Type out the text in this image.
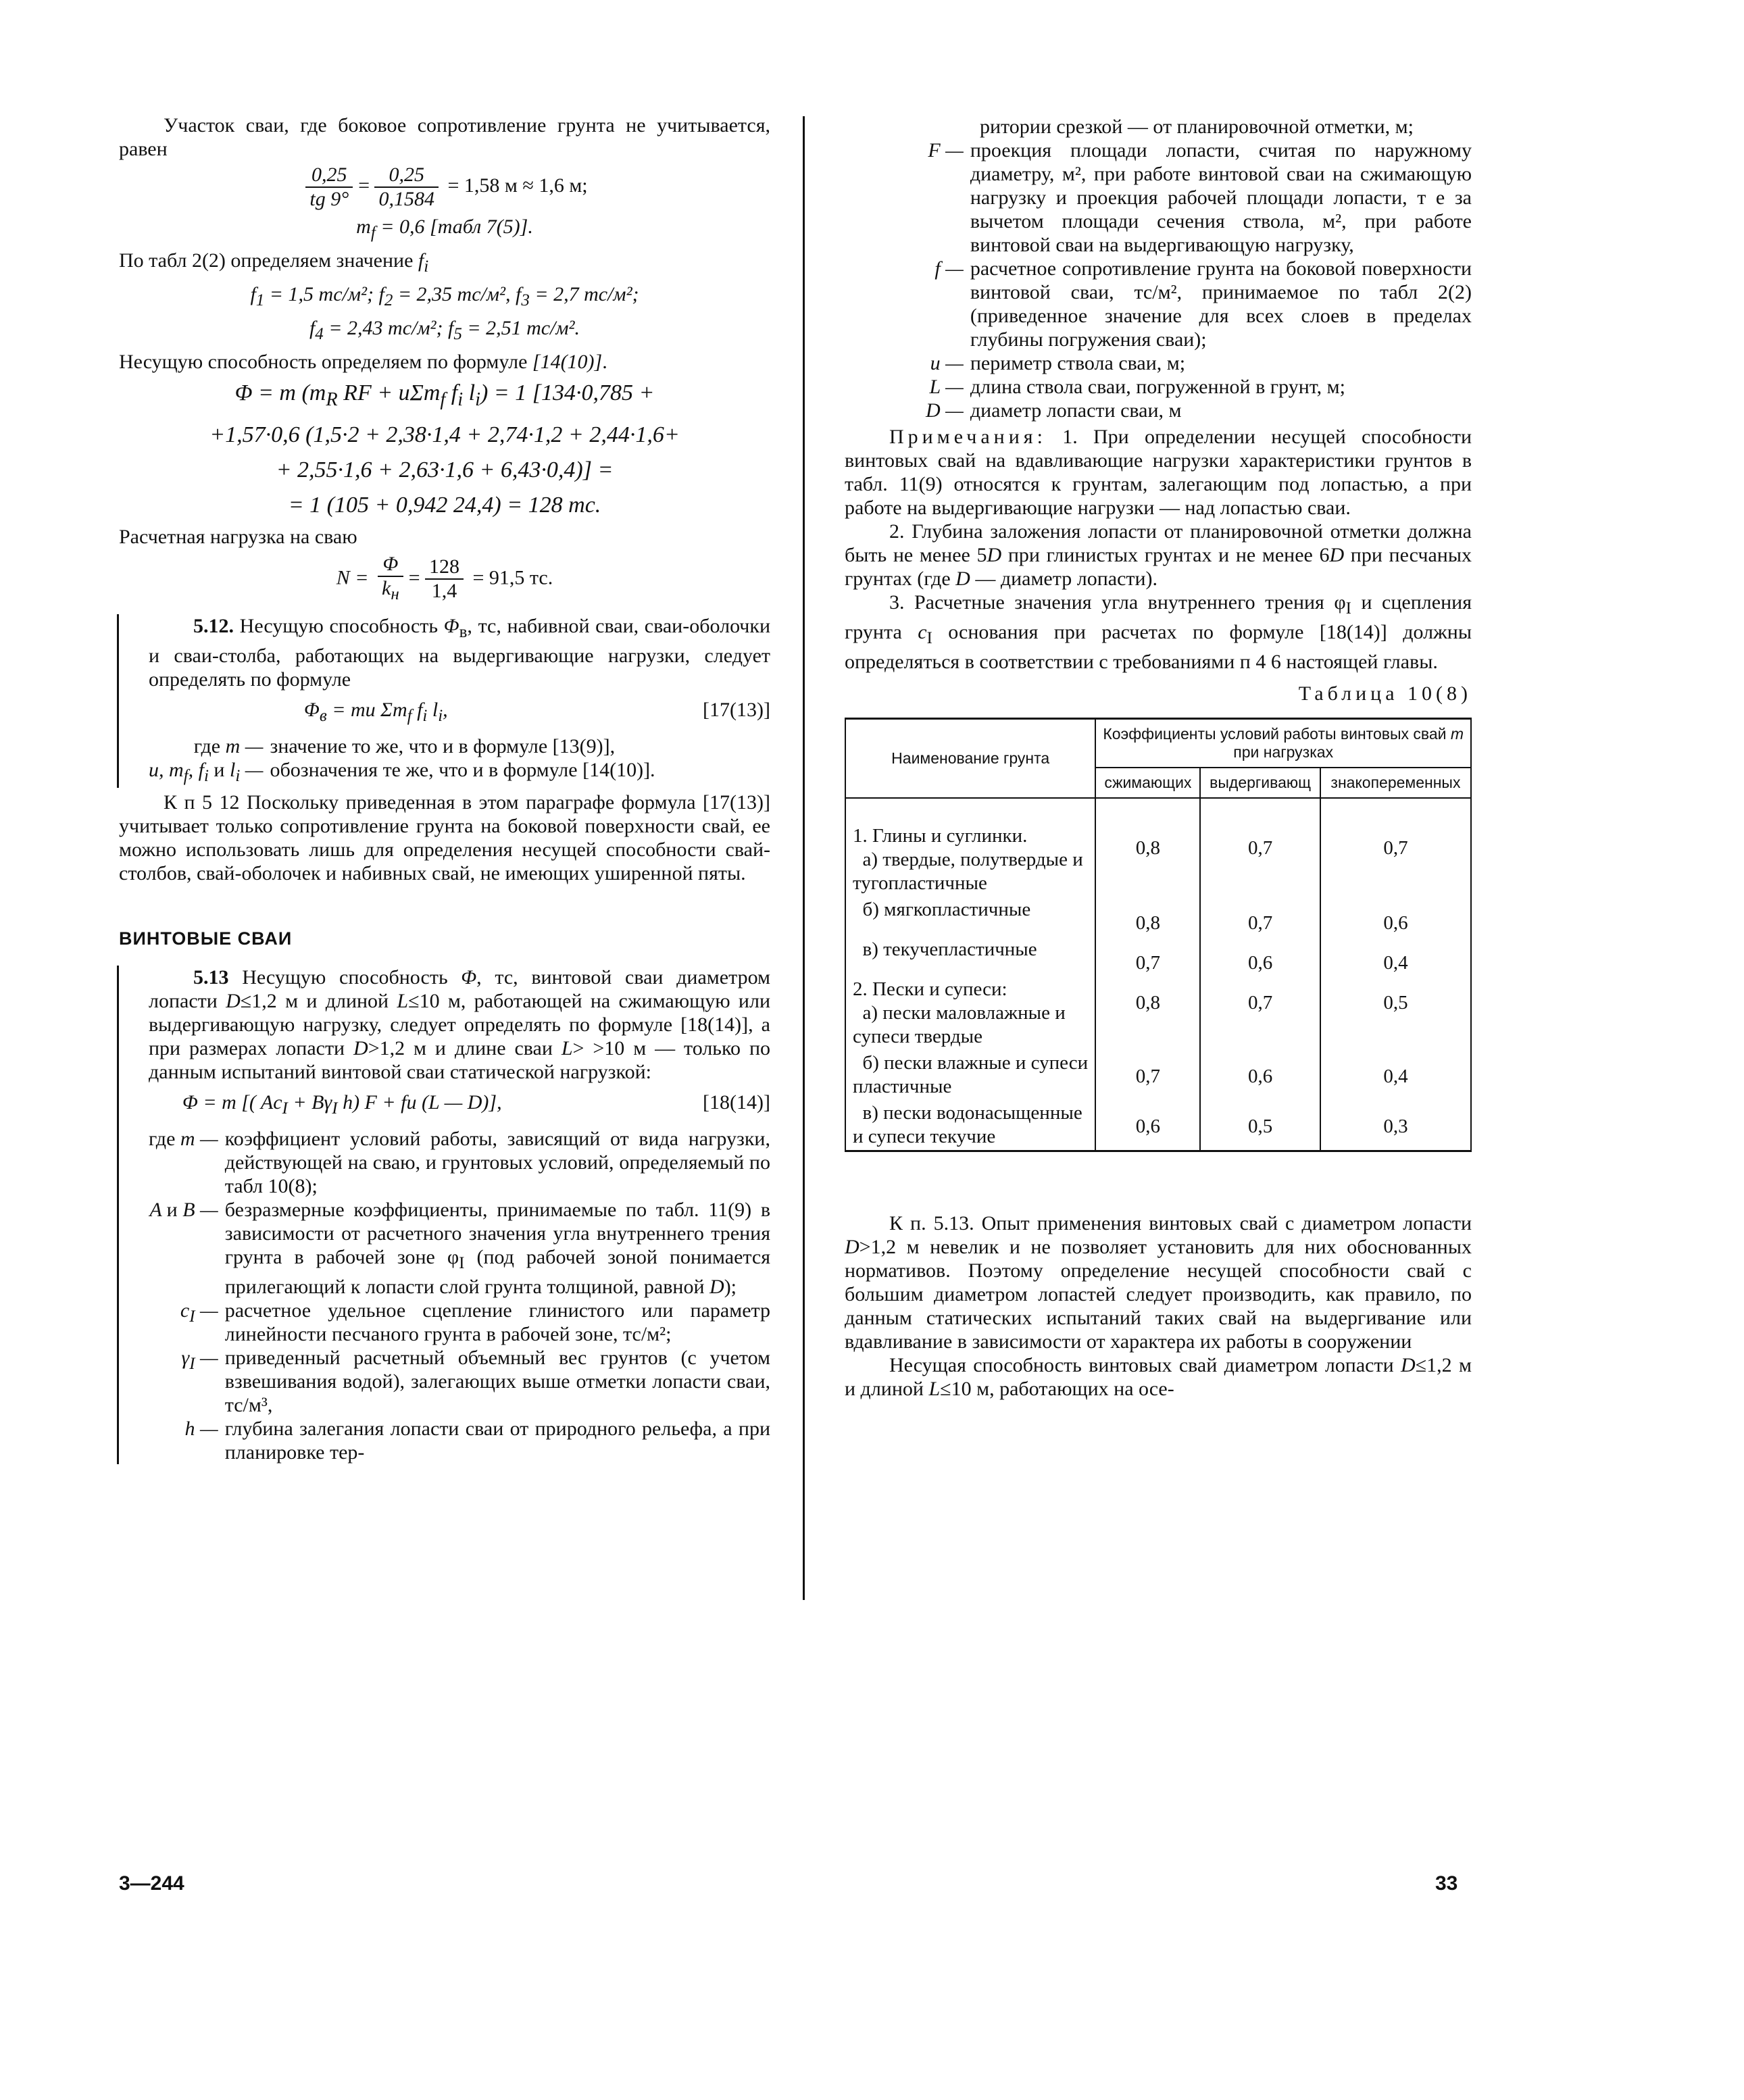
Участок сваи, где боковое сопротивление грунта не учитывается, равен

$\frac{0,25}{tg 9^\circ} = \frac{0,25}{0,1584} = 1,58$ м ≈ 1,6 м;
$m_f = 0,6$ [табл 7(5)].

По табл 2(2) определяем значение $f_i$

$f_1 = 1,5$ тс/м²; $f_2 = 2,35$ тс/м², $f_3 = 2,7$ тс/м²;
$f_4 = 2,43$ тс/м²; $f_5 = 2,51$ тс/м².

Несущую способность определяем по формуле [14(10)].

Φ = m ($m_R$ RF + uΣm$_f$ $f_i$ $l_i) = 1$ [134·0,785 +
+1,57·0,6 (1,5·2 + 2,38·1,4 + 2,74·1,2 + 2,44·1,6+
+ 2,55·1,6 + 2,63·1,6 + 6,43·0,4)] =
= 1 (105 + 0,942 24,4) = 128 тс.

Расчетная нагрузка на сваю

$N = \frac{\Phi}{k_н} = \frac{128}{1,4} = 91,5$ тс.

5.12. Несущую способность $\Phi_в$, тс, набивной сваи, сваи-оболочки и сваи-столба, работающих на выдергивающие нагрузки, следует определять по формуле

$\Phi_в$ = mu $\Sigma m_f$ $f_i$ $l_i$,	[17(13)]
где m — значение то же, что и в формуле [13(9)],
u, $m_f$, $f_i$ и $l_i$ — обозначения те же, что и в формуле [14(10)].

К п 5 12 Поскольку приведенная в этом параграфе формула [17(13)] учитывает только сопротивление грунта на боковой поверхности свай, ее можно использовать лишь для определения несущей способности свай-столбов, свай-оболочек и набивных свай, не имеющих уширенной пяты.

ВИНТОВЫЕ СВАИ

5.13 Несущую способность Φ, тс, винтовой сваи диаметром лопасти D≤1,2 м и длиной L≤10 м, работающей на сжимающую или выдергивающую нагрузку, следует определять по формуле [18(14)], а при размерах лопасти D>1,2 м и длине сваи L> >10 м — только по данным испытаний винтовой сваи статической нагрузкой:

Φ = m [( $Ac_I + B\gamma_I$ h) F + fu (L — D)],	[18(14)]
где m — коэффициент условий работы, зависящий от вида нагрузки, действующей на сваю, и грунтовых условий, определяемый по табл 10(8);
A и B — безразмерные коэффициенты, принимаемые по табл. 11(9) в зависимости от расчетного значения угла внутреннего трения грунта в рабочей зоне $\varphi_I$ (под рабочей зоной понимается прилегающий к лопасти слой грунта толщиной, равной D);
$c_I$ — расчетное удельное сцепление глинистого или параметр линейности песчаного грунта в рабочей зоне, тс/м²;
$\gamma_I$ — приведенный расчетный объемный вес грунтов (с учетом взвешивания водой), залегающих выше отметки лопасти сваи, тс/м³,
h — глубина залегания лопасти сваи от природного рельефа, а при планировке тер-

ритории срезкой — от планировочной отметки, м;

F — проекция площади лопасти, считая по наружному диаметру, м², при работе винтовой сваи на сжимающую нагрузку и проекция рабочей площади лопасти, т е за вычетом площади сечения ствола, м², при работе винтовой сваи на выдергивающую нагрузку,
f — расчетное сопротивление грунта на боковой поверхности винтовой сваи, тс/м², принимаемое по табл 2(2) (приведенное значение для всех слоев в пределах глубины погружения сваи);
u — периметр ствола сваи, м;
L — длина ствола сваи, погруженной в грунт, м;
D — диаметр лопасти сваи, м

Примечания: 1. При определении несущей способности винтовых свай на вдавливающие нагрузки характеристики грунтов в табл. 11(9) относятся к грунтам, залегающим под лопастью, а при работе на выдергивающие нагрузки — над лопастью сваи.

2. Глубина заложения лопасти от планировочной отметки должна быть не менее 5D при глинистых грунтах и не менее 6D при песчаных грунтах (где D — диаметр лопасти).

3. Расчетные значения угла внутреннего трения $\varphi_I$ и сцепления грунта $c_I$ основания при расчетах по формуле [18(14)] должны определяться в соответствии с требованиями п 4 6 настоящей главы.

Таблица 10(8)

Наименование грунта	Коэффициенты условий работы винтовых свай m при нагрузках		
	сжимающих	выдергивающ	знакопеременных
1. Глины и суглинки.
а) твердые, полутвердые и тугопластичные	0,8	0,7	0,7
б) мягкопластичные	0,8	0,7	0,6
в) текучепластичные	0,7	0,6	0,4
2. Пески и супеси:
а) пески маловлажные и супеси твердые	0,8	0,7	0,5
б) пески влажные и супеси пластичные	0,7	0,6	0,4
в) пески водонасыщенные и супеси текучие	0,6	0,5	0,3

К п. 5.13. Опыт применения винтовых свай с диаметром лопасти D>1,2 м невелик и не позволяет установить для них обоснованных нормативов. Поэтому определение несущей способности свай с большим диаметром лопастей следует производить, как правило, по данным статических испытаний таких свай на выдергивание или вдавливание в зависимости от характера их работы в сооружении

Несущая способность винтовых свай диаметром лопасти D≤1,2 м и длиной L≤10 м, работающих на осе-

3—244	33
